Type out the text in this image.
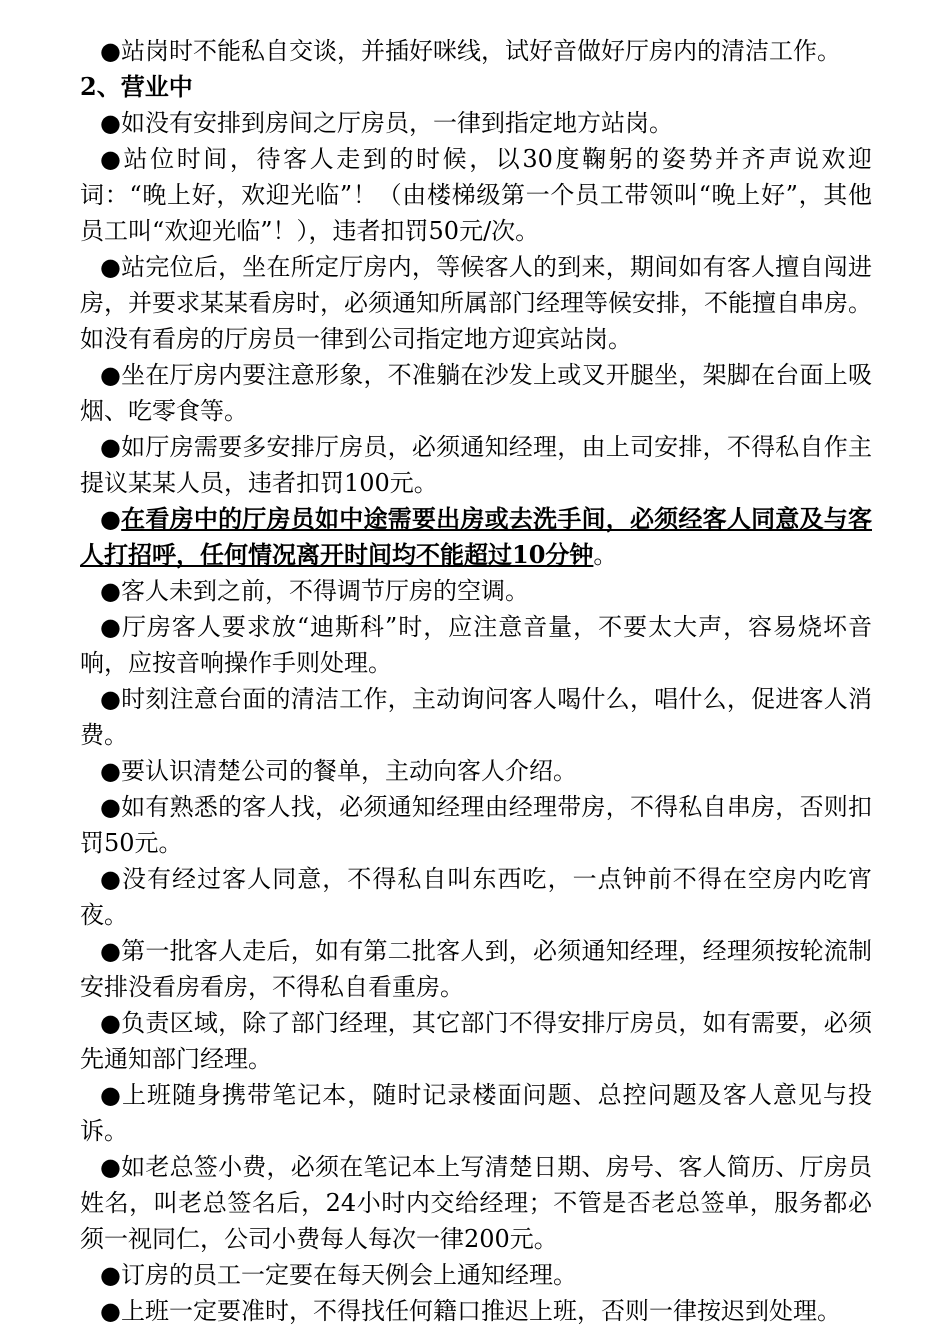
●站岗时不能私自交谈，并插好咪线，试好音做好厅房内的清洁工作。

2、营业中

●如没有安排到房间之厅房员，一律到指定地方站岗。

●站位时间，待客人走到的时候，以30度鞠躬的姿势并齐声说欢迎词：“晚上好，欢迎光临”！（由楼梯级第一个员工带领叫“晚上好”，其他员工叫“欢迎光临”！），违者扣罚50元/次。

●站完位后，坐在所定厅房内，等候客人的到来，期间如有客人擅自闯进房，并要求某某看房时，必须通知所属部门经理等候安排，不能擅自串房。如没有看房的厅房员一律到公司指定地方迎宾站岗。

●坐在厅房内要注意形象，不准躺在沙发上或叉开腿坐，架脚在台面上吸烟、吃零食等。

●如厅房需要多安排厅房员，必须通知经理，由上司安排，不得私自作主提议某某人员，违者扣罚100元。

●在看房中的厅房员如中途需要出房或去洗手间，必须经客人同意及与客人打招呼，任何情况离开时间均不能超过10分钟。

●客人未到之前，不得调节厅房的空调。

●厅房客人要求放“迪斯科”时，应注意音量，不要太大声，容易烧坏音响，应按音响操作手则处理。

●时刻注意台面的清洁工作，主动询问客人喝什么，唱什么，促进客人消费。

●要认识清楚公司的餐单，主动向客人介绍。

●如有熟悉的客人找，必须通知经理由经理带房，不得私自串房，否则扣罚50元。

●没有经过客人同意，不得私自叫东西吃，一点钟前不得在空房内吃宵夜。

●第一批客人走后，如有第二批客人到，必须通知经理，经理须按轮流制安排没看房看房，不得私自看重房。

●负责区域，除了部门经理，其它部门不得安排厅房员，如有需要，必须先通知部门经理。

●上班随身携带笔记本，随时记录楼面问题、总控问题及客人意见与投诉。

●如老总签小费，必须在笔记本上写清楚日期、房号、客人简历、厅房员姓名，叫老总签名后，24小时内交给经理；不管是否老总签单，服务都必须一视同仁，公司小费每人每次一律200元。

●订房的员工一定要在每天例会上通知经理。

●上班一定要准时，不得找任何籍口推迟上班，否则一律按迟到处理。
